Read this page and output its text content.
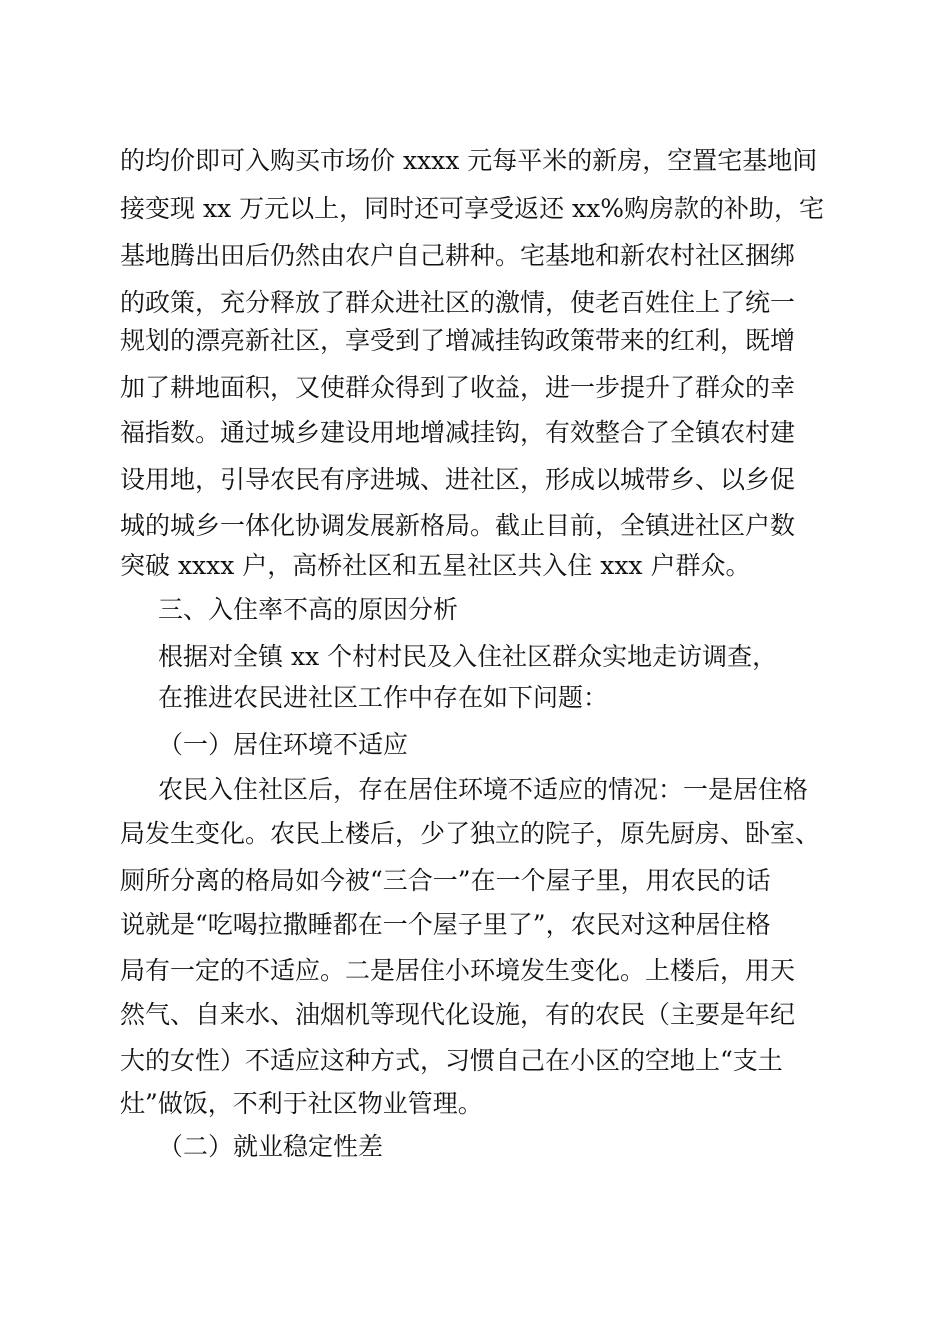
的均价即可入购买市场价 xxxx 元每平米的新房，空置宅基地间
接变现 xx 万元以上，同时还可享受返还 xx%购房款的补助，宅
基地腾出田后仍然由农户自己耕种。宅基地和新农村社区捆绑
的政策，充分释放了群众进社区的激情，使老百姓住上了统一
规划的漂亮新社区，享受到了增减挂钩政策带来的红利，既增
加了耕地面积，又使群众得到了收益，进一步提升了群众的幸
福指数。通过城乡建设用地增减挂钩，有效整合了全镇农村建
设用地，引导农民有序进城、进社区，形成以城带乡、以乡促
城的城乡一体化协调发展新格局。截止目前，全镇进社区户数
突破 xxxx 户，高桥社区和五星社区共入住 xxx 户群众。
三、入住率不高的原因分析
根据对全镇 xx 个村村民及入住社区群众实地走访调查，
在推进农民进社区工作中存在如下问题：
（一）居住环境不适应
农民入住社区后，存在居住环境不适应的情况：一是居住格
局发生变化。农民上楼后，少了独立的院子，原先厨房、卧室、
厕所分离的格局如今被“三合一”在一个屋子里，用农民的话
说就是“吃喝拉撒睡都在一个屋子里了”，农民对这种居住格
局有一定的不适应。二是居住小环境发生变化。上楼后，用天
然气、自来水、油烟机等现代化设施，有的农民（主要是年纪
大的女性）不适应这种方式，习惯自己在小区的空地上“支土
灶”做饭，不利于社区物业管理。
（二）就业稳定性差
